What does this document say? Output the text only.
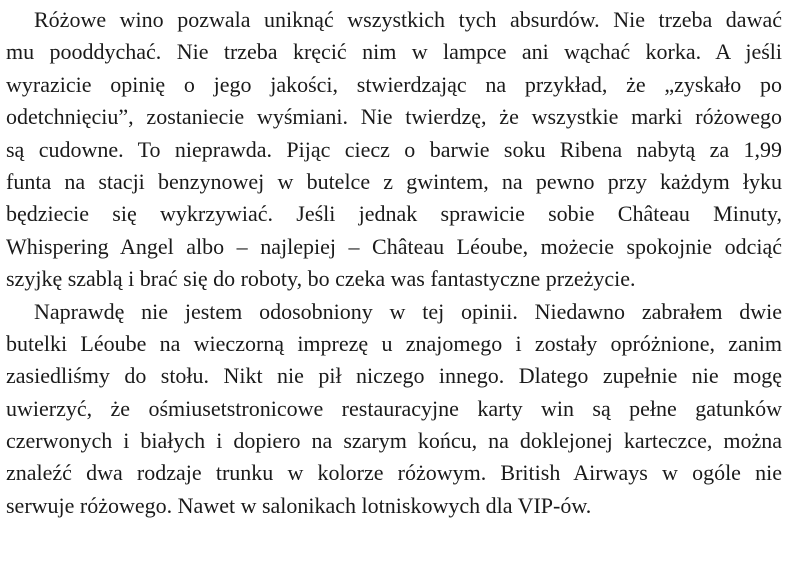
Różowe wino pozwala uniknąć wszystkich tych absurdów. Nie trzeba dawać
mu pooddychać. Nie trzeba kręcić nim w lampce ani wąchać korka. A jeśli
wyrazicie opinię o jego jakości, stwierdzając na przykład, że „zyskało po
odetchnięciu”, zostaniecie wyśmiani. Nie twierdzę, że wszystkie marki różowego
są cudowne. To nieprawda. Pijąc ciecz o barwie soku Ribena nabytą za 1,99
funta na stacji benzynowej w butelce z gwintem, na pewno przy każdym łyku
będziecie się wykrzywiać. Jeśli jednak sprawicie sobie Château Minuty,
Whispering Angel albo – najlepiej – Château Léoube, możecie spokojnie odciąć
szyjkę szablą i brać się do roboty, bo czeka was fantastyczne przeżycie.

Naprawdę nie jestem odosobniony w tej opinii. Niedawno zabrałem dwie
butelki Léoube na wieczorną imprezę u znajomego i zostały opróżnione, zanim
zasiedliśmy do stołu. Nikt nie pił niczego innego. Dlatego zupełnie nie mogę
uwierzyć, że ośmiusetstronicowe restauracyjne karty win są pełne gatunków
czerwonych i białych i dopiero na szarym końcu, na doklejonej karteczce, można
znaleźć dwa rodzaje trunku w kolorze różowym. British Airways w ogóle nie
serwuje różowego. Nawet w salonikach lotniskowych dla VIP-ów.
